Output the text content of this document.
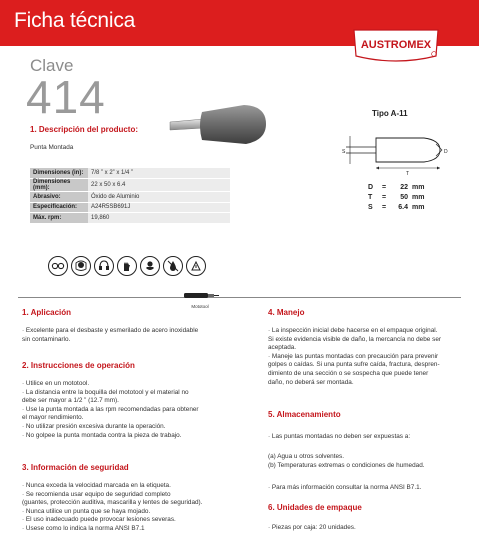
Ficha técnica
AUSTROMEX
Clave
414
1. Descripción del producto:
Punta Montada
Dimensiones (in):	7/8 ” x 2” x 1/4 ”
Dimensiones (mm):	22 x 50 x 6.4
Abrasivo:	Óxido de Aluminio
Especificación:	A24R5SB691J
Máx. rpm:	19,860
Tipo A-11
S	D
T
D	=	22 mm
T	=	50 mm
S	=	6.4 mm
Mototool
1. Aplicación
· Excelente para el desbaste y esmerilado de acero inoxidable
sin contaminarlo.
2. Instrucciones de operación
· Utilice en un mototool.
· La distancia entre la boquilla del mototool y el material no
debe ser mayor a 1/2 ” (12.7 mm).
· Use la punta montada a las rpm recomendadas para obtener
el mayor rendimiento.
· No utilizar presión excesiva durante la operación.
· No golpee la punta montada contra la pieza de trabajo.
3. Información de seguridad
· Nunca exceda la velocidad marcada en la etiqueta.
· Se recomienda usar equipo de seguridad completo
(guantes, protección auditiva, mascarilla y lentes de seguridad).
· Nunca utilice un punta que se haya mojado.
· El uso inadecuado puede provocar lesiones severas.
· Usese como lo indica la norma ANSI B7.1
4. Manejo
· La inspección inicial debe hacerse en el empaque original.
Si existe evidencia visible de daño, la mercancía no debe ser
aceptada.
· Maneje las puntas montadas con precaución para prevenir
golpes o caídas. Si una punta sufre caída, fractura, despren-
dimiento de una sección o se sospecha que puede tener
daño, no deberá ser montada.
5. Almacenamiento
· Las puntas montadas no deben ser expuestas a:
(a) Agua u otros solventes.
(b) Temperaturas extremas o condiciones de humedad.
· Para más información consultar la norma ANSI B7.1.
6. Unidades de empaque
· Piezas por caja: 20 unidades.
